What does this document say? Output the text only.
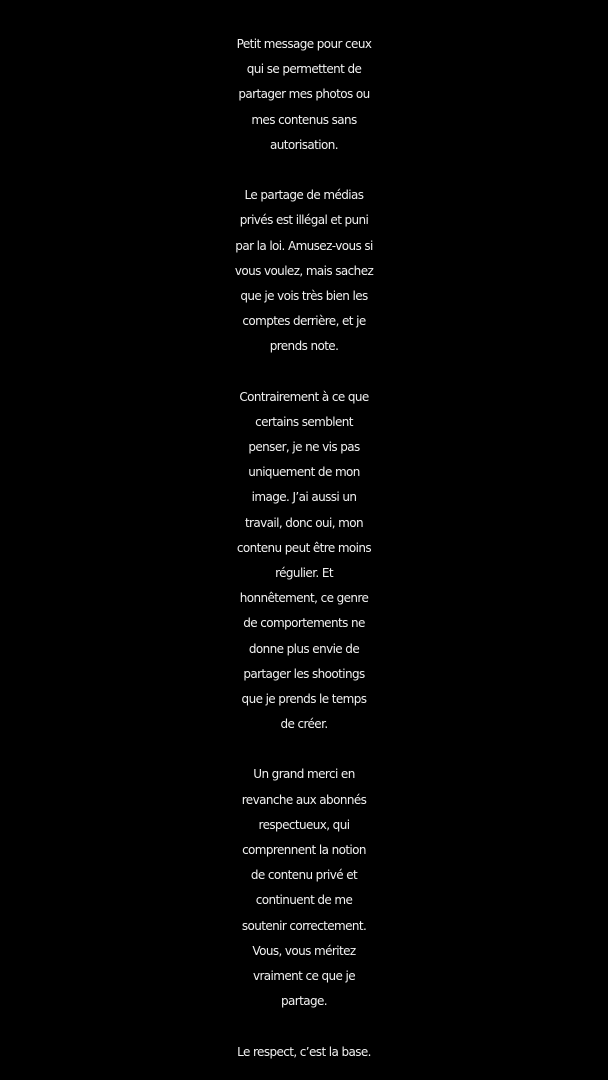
Petit message pour ceux
qui se permettent de
partager mes photos ou
mes contenus sans
autorisation.
Le partage de médias
privés est illégal et puni
par la loi. Amusez-vous si
vous voulez, mais sachez
que je vois très bien les
comptes derrière, et je
prends note.
Contrairement à ce que
certains semblent
penser, je ne vis pas
uniquement de mon
image. J’ai aussi un
travail, donc oui, mon
contenu peut être moins
régulier. Et
honnêtement, ce genre
de comportements ne
donne plus envie de
partager les shootings
que je prends le temps
de créer.
Un grand merci en
revanche aux abonnés
respectueux, qui
comprennent la notion
de contenu privé et
continuent de me
soutenir correctement.
Vous, vous méritez
vraiment ce que je
partage.
Le respect, c’est la base.
